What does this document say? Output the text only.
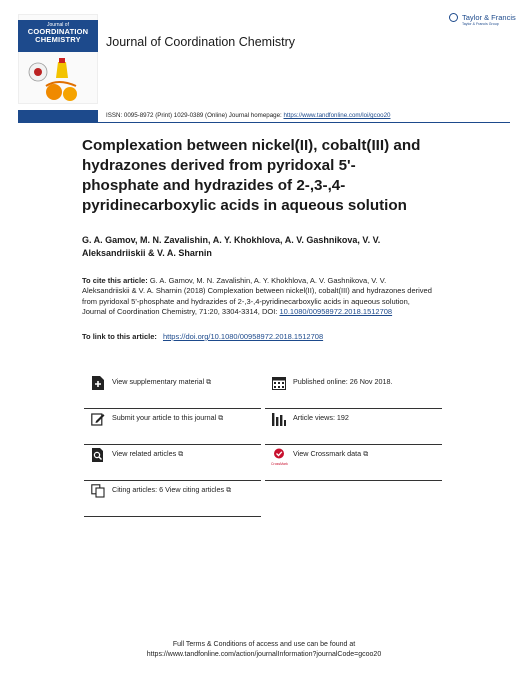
Journal of
COORDINATION
CHEMISTRY	Journal of Coordination Chemistry
Taylor & Francis
Taylor & Francis Group
ISSN: 0095-8972 (Print) 1029-0389 (Online) Journal homepage: https://www.tandfonline.com/loi/gcoo20
Complexation between nickel(II), cobalt(III) and hydrazones derived from pyridoxal 5'-phosphate and hydrazides of 2-,3-,4-pyridinecarboxylic acids in aqueous solution
G. A. Gamov, M. N. Zavalishin, A. Y. Khokhlova, A. V. Gashnikova, V. V. Aleksandriiskii & V. A. Sharnin
To cite this article: G. A. Gamov, M. N. Zavalishin, A. Y. Khokhlova, A. V. Gashnikova, V. V. Aleksandriiskii & V. A. Sharnin (2018) Complexation between nickel(II), cobalt(III) and hydrazones derived from pyridoxal 5'-phosphate and hydrazides of 2-,3-,4-pyridinecarboxylic acids in aqueous solution, Journal of Coordination Chemistry, 71:20, 3304-3314, DOI: 10.1080/00958972.2018.1512708
To link to this article: https://doi.org/10.1080/00958972.2018.1512708
View supplementary material ⧉	Published online: 26 Nov 2018.
Submit your article to this journal ⧉	Article views: 192
View related articles ⧉
CrossMark
View Crossmark data ⧉
Citing articles: 6 View citing articles ⧉
Full Terms & Conditions of access and use can be found at
https://www.tandfonline.com/action/journalInformation?journalCode=gcoo20
